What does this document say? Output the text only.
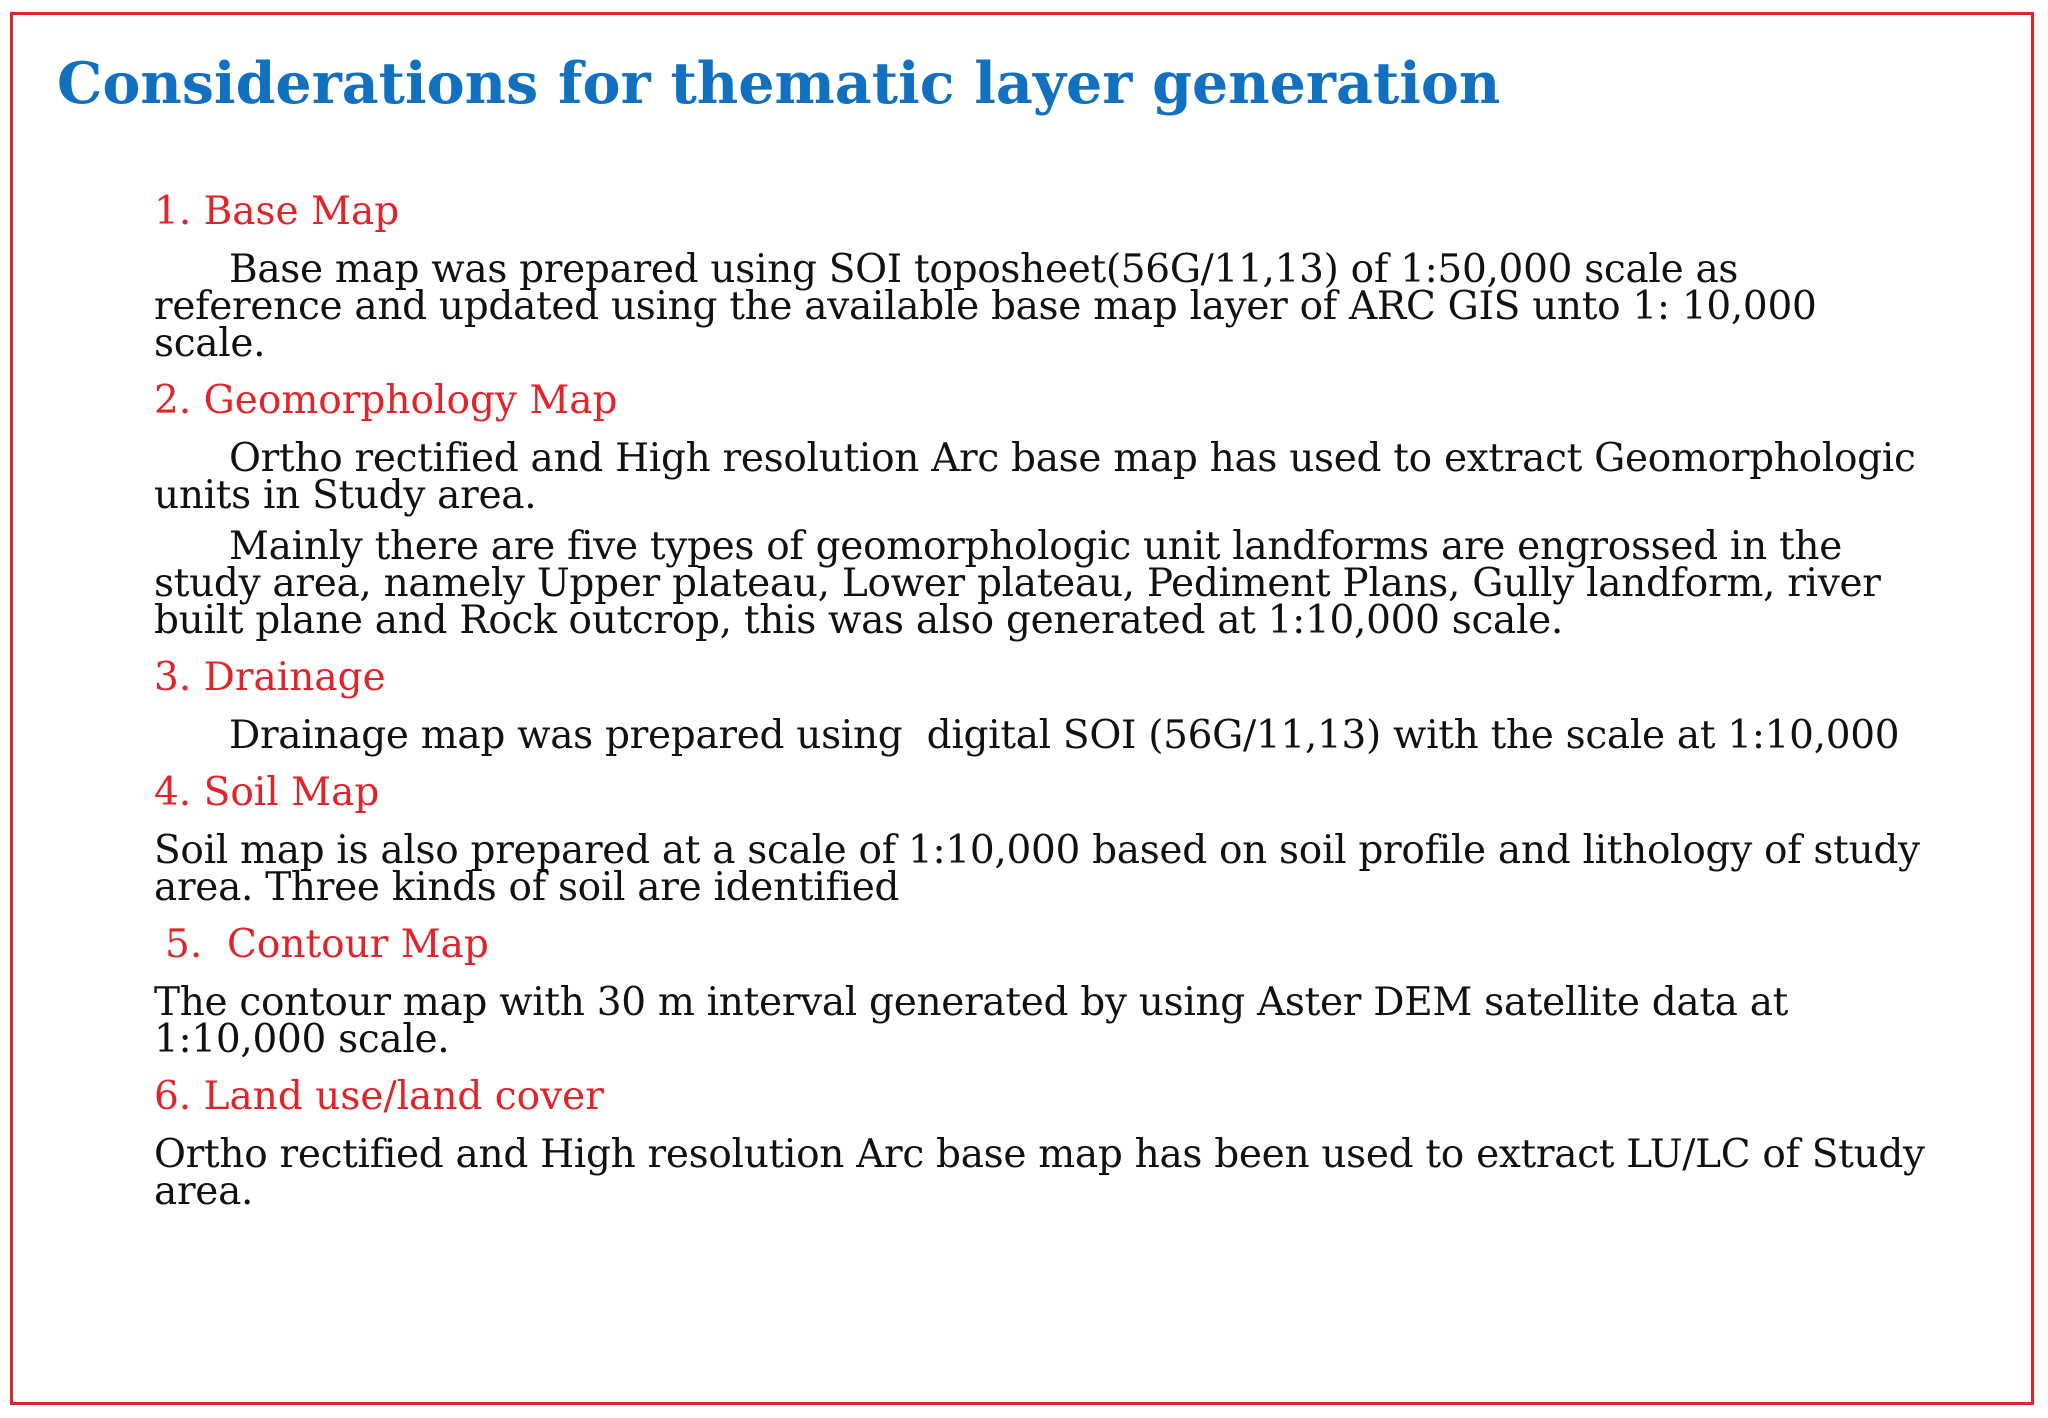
Considerations for thematic layer generation
1. Base Map

Base map was prepared using SOI toposheet(56G/11,13) of 1:50,000 scale as reference and updated using the available base map layer of ARC GIS unto 1: 10,000 scale.

2. Geomorphology Map

Ortho rectified and High resolution Arc base map has used to extract Geomorphologic units in Study area.

Mainly there are five types of geomorphologic unit landforms are engrossed in the study area, namely Upper plateau, Lower plateau, Pediment Plans, Gully landform, river built plane and Rock outcrop, this was also generated at 1:10,000 scale.

3. Drainage

Drainage map was prepared using  digital SOI (56G/11,13) with the scale at 1:10,000

4. Soil Map

Soil map is also prepared at a scale of 1:10,000 based on soil profile and lithology of study area. Three kinds of soil are identified

5.  Contour Map

The contour map with 30 m interval generated by using Aster DEM satellite data at 1:10,000 scale.

6. Land use/land cover

Ortho rectified and High resolution Arc base map has been used to extract LU/LC of Study area.
